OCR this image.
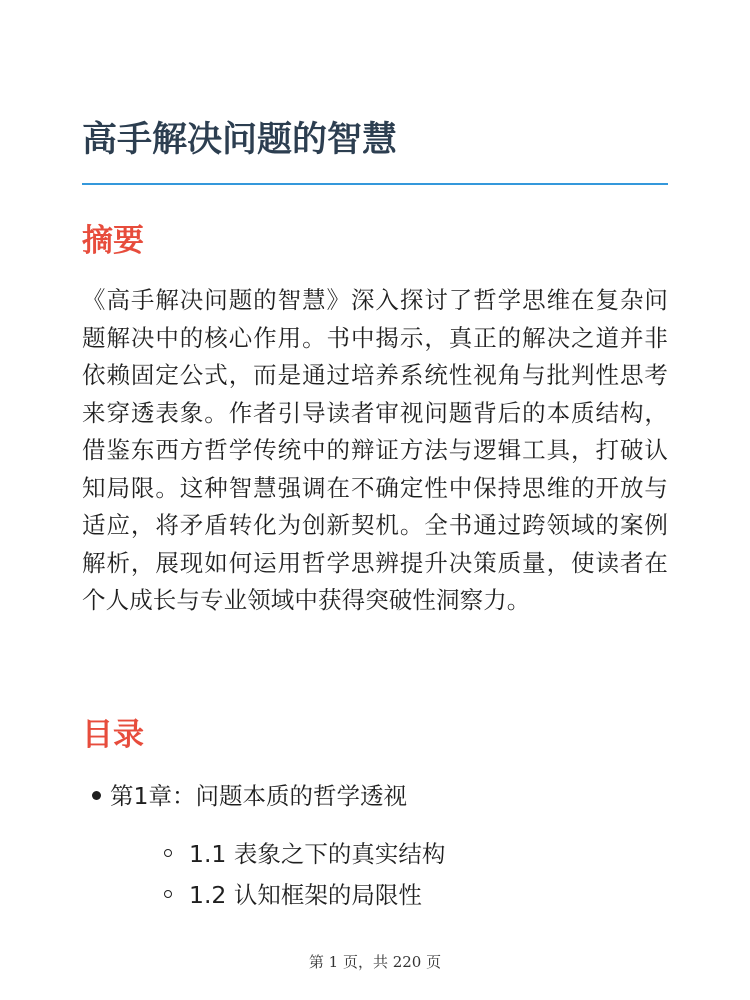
高手解决问题的智慧
摘要

《高手解决问题的智慧》深入探讨了哲学思维在复杂问题解决中的核心作用。书中揭示，真正的解决之道并非依赖固定公式，而是通过培养系统性视角与批判性思考来穿透表象。作者引导读者审视问题背后的本质结构，借鉴东西方哲学传统中的辩证方法与逻辑工具，打破认知局限。这种智慧强调在不确定性中保持思维的开放与适应，将矛盾转化为创新契机。全书通过跨领域的案例解析，展现如何运用哲学思辨提升决策质量，使读者在个人成长与专业领域中获得突破性洞察力。

目录
第1章：问题本质的哲学透视
1.1 表象之下的真实结构
1.2 认知框架的局限性
第 1 页，共 220 页
